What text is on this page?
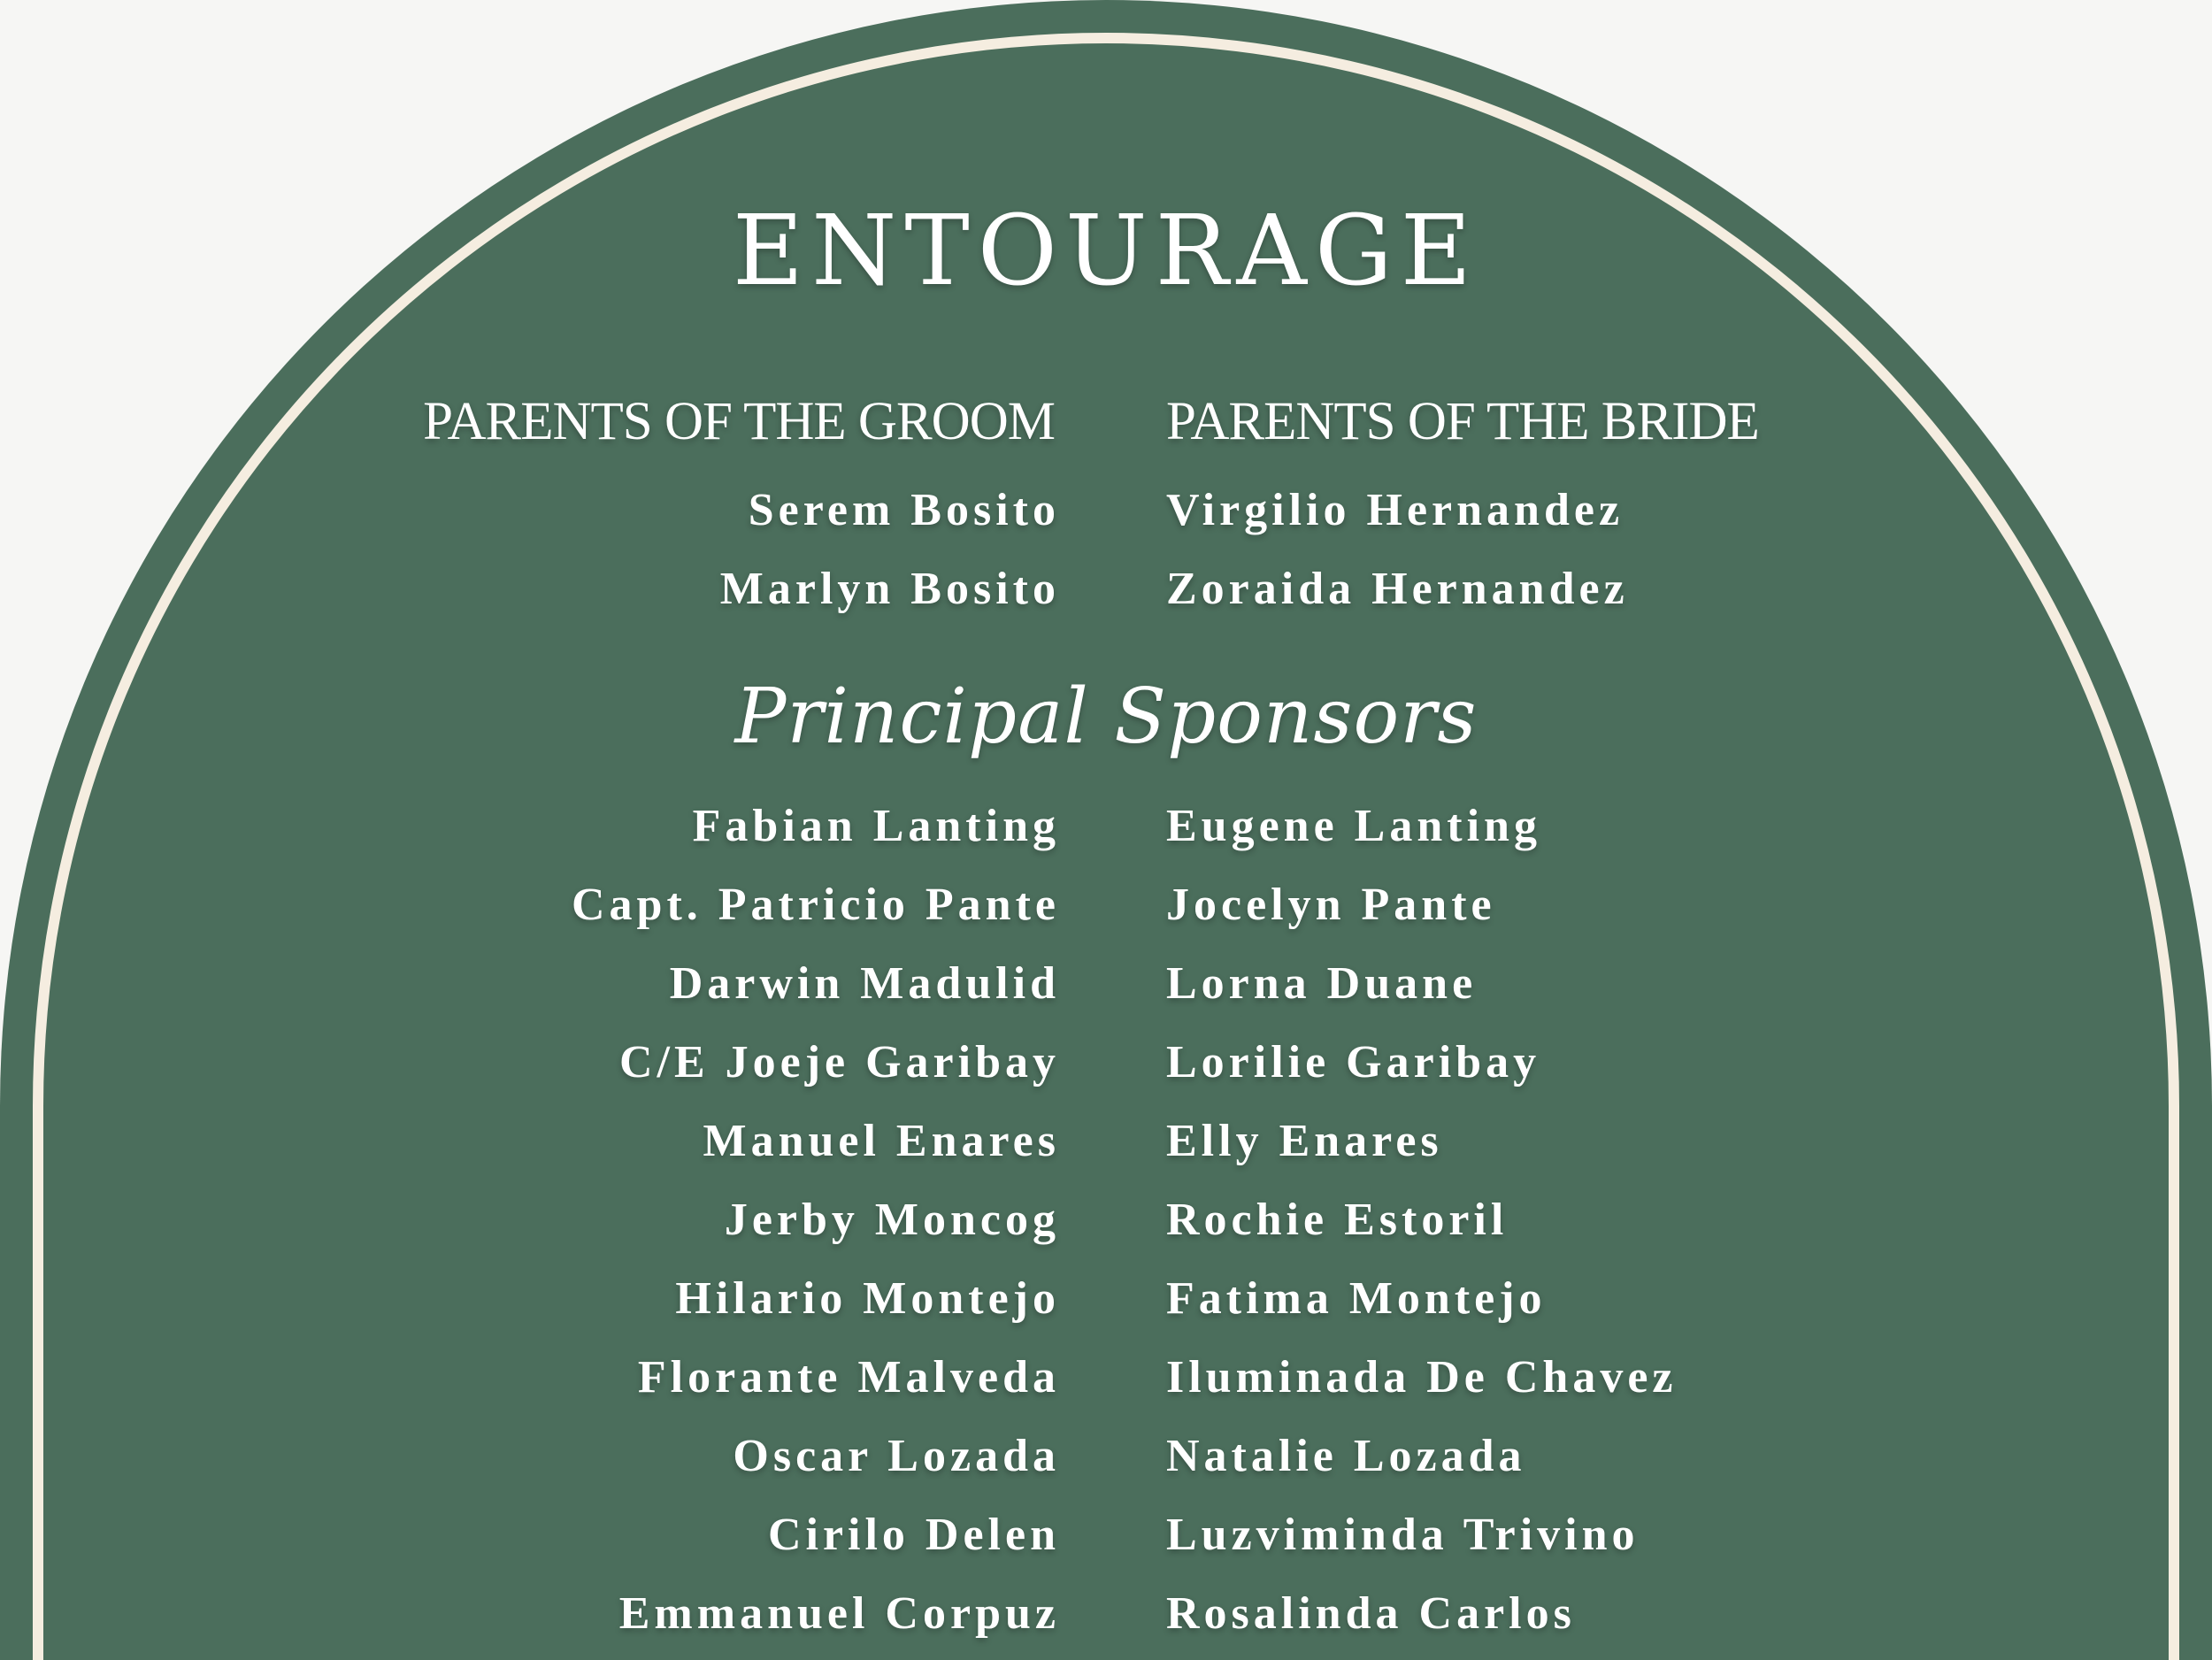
ENTOURAGE
PARENTS OF THE GROOM PARENTS OF THE BRIDE
Serem Bosito
Marlyn Bosito
Virgilio Hernandez
Zoraida Hernandez
Principal Sponsors
Fabian Lanting
Capt. Patricio Pante
Darwin Madulid
C/E Joeje Garibay
Manuel Enares
Jerby Moncog
Hilario Montejo
Florante Malveda
Oscar Lozada
Cirilo Delen
Emmanuel Corpuz
Eugene Lanting
Jocelyn Pante
Lorna Duane
Lorilie Garibay
Elly Enares
Rochie Estoril
Fatima Montejo
Iluminada De Chavez
Natalie Lozada
Luzviminda Trivino
Rosalinda Carlos
